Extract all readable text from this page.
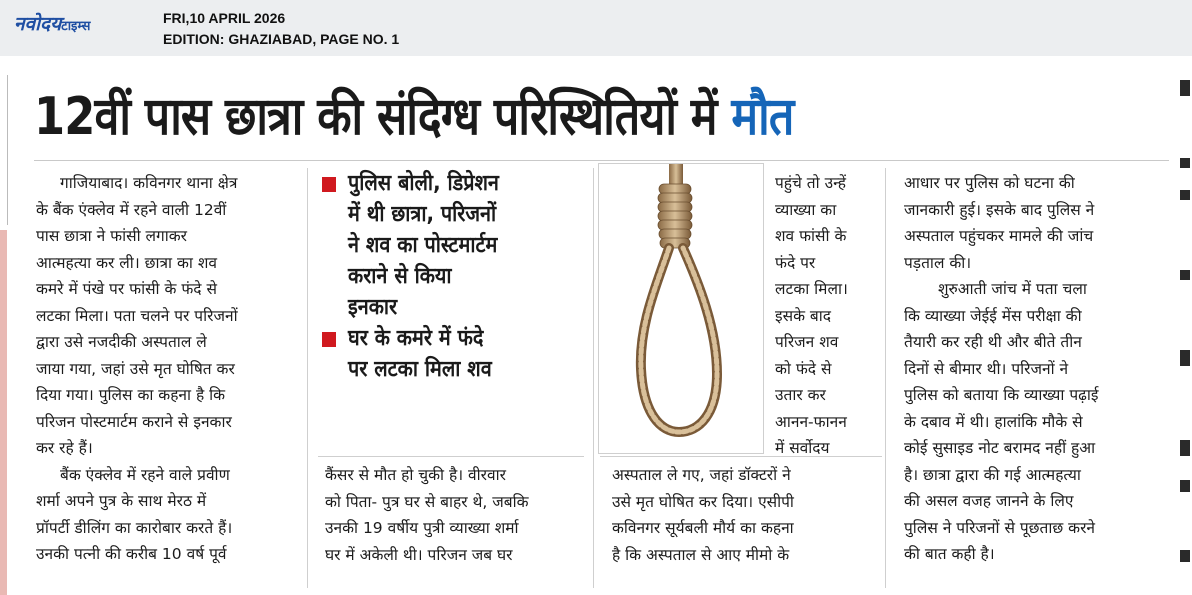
नवोदयटाइम्स
FRI,10 APRIL 2026
EDITION: GHAZIABAD, PAGE NO. 1
12वीं पास छात्रा की संदिग्ध परिस्थितियों में मौत
गाजियाबाद। कविनगर थाना क्षेत्र
के बैंक एंक्लेव में रहने वाली 12वीं
पास छात्रा ने फांसी लगाकर
आत्महत्या कर ली। छात्रा का शव
कमरे में पंखे पर फांसी के फंदे से
लटका मिला। पता चलने पर परिजनों
द्वारा उसे नजदीकी अस्पताल ले
जाया गया, जहां उसे मृत घोषित कर
दिया गया। पुलिस का कहना है कि
परिजन पोस्टमार्टम कराने से इनकार
कर रहे हैं।
बैंक एंक्लेव में रहने वाले प्रवीण
शर्मा अपने पुत्र के साथ मेरठ में
प्रॉपर्टी डीलिंग का कारोबार करते हैं।
उनकी पत्नी की करीब 10 वर्ष पूर्व
पुलिस बोली, डिप्रेशन
में थी छात्रा, परिजनों
ने शव का पोस्टमार्टम
कराने से किया
इनकार
घर के कमरे में फंदे
पर लटका मिला शव
पहुंचे तो उन्हें
व्याख्या का
शव फांसी के
फंदे पर
लटका मिला।
इसके बाद
परिजन शव
को फंदे से
उतार कर
आनन-फानन
में सर्वोदय
कैंसर से मौत हो चुकी है। वीरवार
को पिता- पुत्र घर से बाहर थे, जबकि
उनकी 19 वर्षीय पुत्री व्याख्या शर्मा
घर में अकेली थी। परिजन जब घर
अस्पताल ले गए, जहां डॉक्टरों ने
उसे मृत घोषित कर दिया। एसीपी
कविनगर सूर्यबली मौर्य का कहना
है कि अस्पताल से आए मीमो के
आधार पर पुलिस को घटना की
जानकारी हुई। इसके बाद पुलिस ने
अस्पताल पहुंचकर मामले की जांच
पड़ताल की।
शुरुआती जांच में पता चला
कि व्याख्या जेईई मेंस परीक्षा की
तैयारी कर रही थी और बीते तीन
दिनों से बीमार थी। परिजनों ने
पुलिस को बताया कि व्याख्या पढ़ाई
के दबाव में थी। हालांकि मौके से
कोई सुसाइड नोट बरामद नहीं हुआ
है। छात्रा द्वारा की गई आत्महत्या
की असल वजह जानने के लिए
पुलिस ने परिजनों से पूछताछ करने
की बात कही है।
